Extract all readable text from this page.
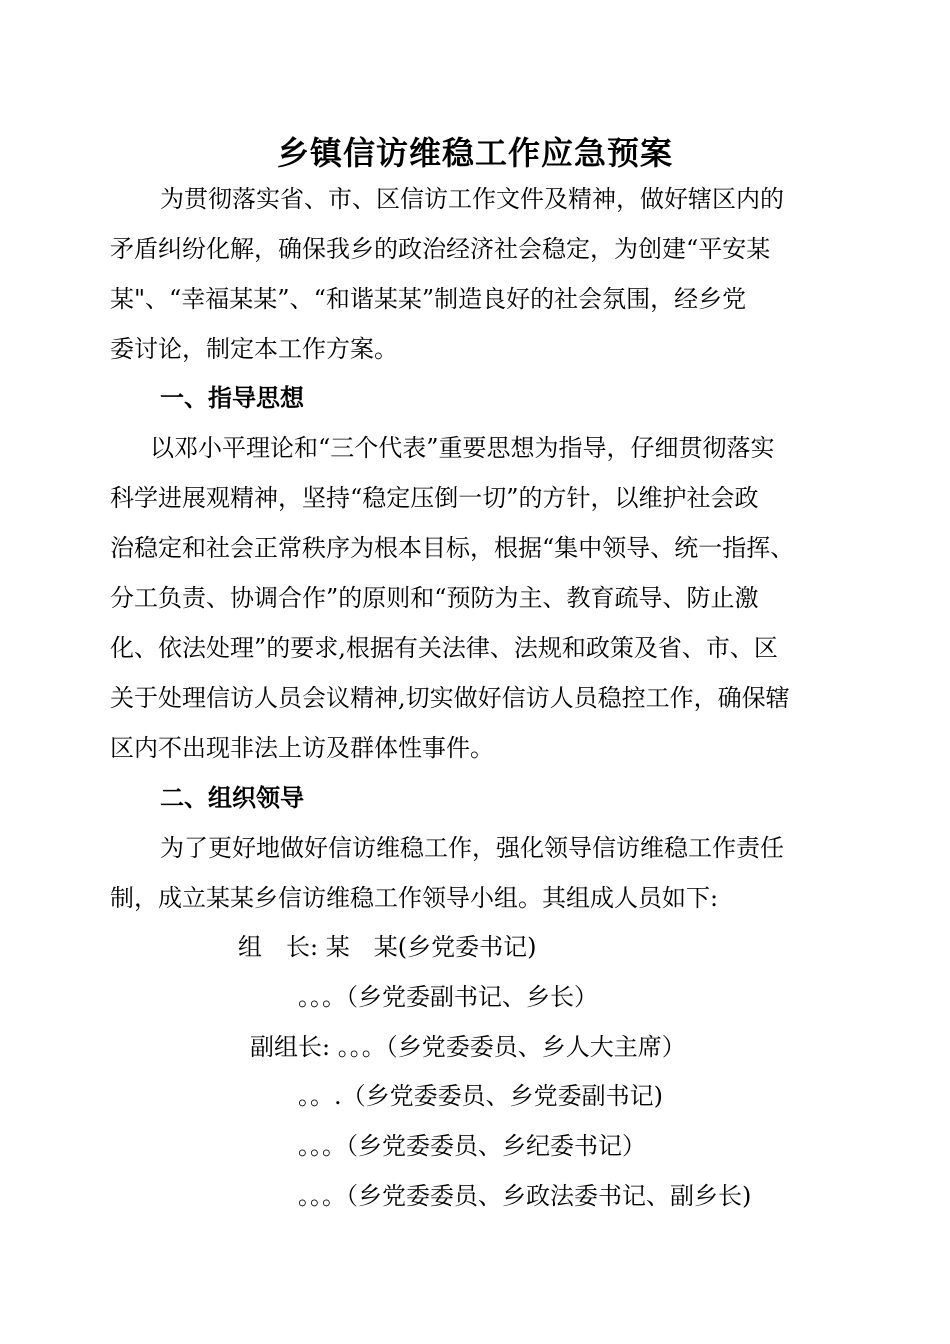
乡镇信访维稳工作应急预案
为贯彻落实省、市、区信访工作文件及精神，做好辖区内的
矛盾纠纷化解，确保我乡的政治经济社会稳定，为创建“平安某
某"、“幸福某某”、“和谐某某”制造良好的社会氛围，经乡党
委讨论，制定本工作方案。
一、指导思想
以邓小平理论和“三个代表”重要思想为指导，仔细贯彻落实
科学进展观精神，坚持“稳定压倒一切”的方针，以维护社会政
治稳定和社会正常秩序为根本目标，根据“集中领导、统一指挥、
分工负责、协调合作”的原则和“预防为主、教育疏导、防止激
化、依法处理”的要求,根据有关法律、法规和政策及省、市、区
关于处理信访人员会议精神,切实做好信访人员稳控工作，确保辖
区内不出现非法上访及群体性事件。
二、组织领导
为了更好地做好信访维稳工作，强化领导信访维稳工作责任
制，成立某某乡信访维稳工作领导小组。其组成人员如下:
组　长: 某　某(乡党委书记)
。。。（乡党委副书记、乡长）
副组长: 。。。（乡党委委员、乡人大主席）
。。.（乡党委委员、乡党委副书记)
。。。（乡党委委员、乡纪委书记）
。。。（乡党委委员、乡政法委书记、副乡长)
